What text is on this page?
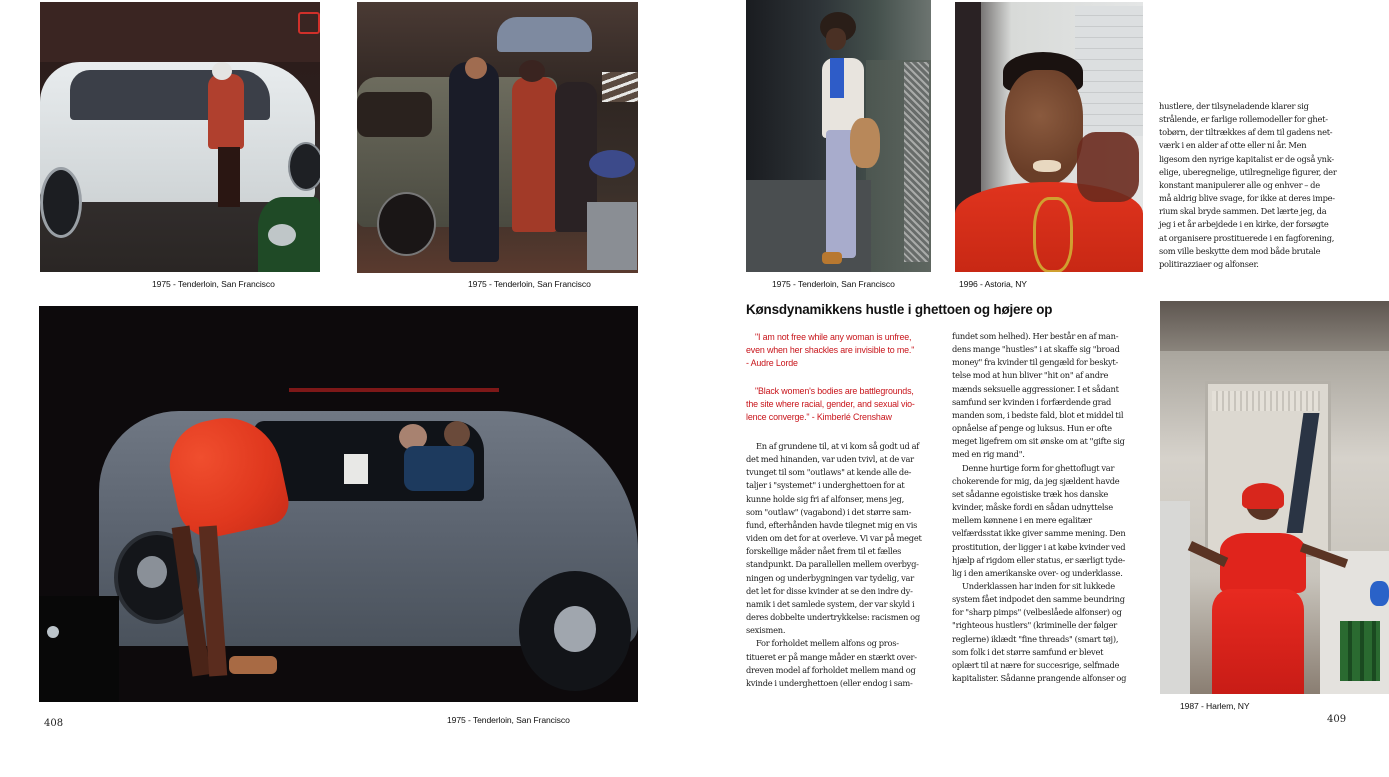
1975 - Tenderloin, San Francisco	1975 - Tenderloin, San Francisco
1975 - Tenderloin, San Francisco
408
1975 - Tenderloin, San Francisco	1996 - Astoria, NY
hustlere, der tilsyneladende klarer sig
strålende, er farlige rollemodeller for ghet-
tobørn, der tiltrækkes af dem til gadens net-
værk i en alder af otte eller ni år. Men
ligesom den nyrige kapitalist er de også ynk-
elige, uberegnelige, utilregnelige figurer, der
konstant manipulerer alle og enhver – de
må aldrig blive svage, for ikke at deres impe-
rium skal bryde sammen. Det lærte jeg, da
jeg i et år arbejdede i en kirke, der forsøgte
at organisere prostituerede i en fagforening,
som ville beskytte dem mod både brutale
politirazziaer og alfonser.
Kønsdynamikkens hustle i ghettoen og højere op

"I am not free while any woman is unfree,

even when her shackles are invisible to me."
- Audre Lorde

"Black women's bodies are battlegrounds,

the site where racial, gender, and sexual vio-
lence converge." - Kimberlé Crenshaw
En af grundene til, at vi kom så godt ud af
det med hinanden, var uden tvivl, at de var
tvunget til som "outlaws" at kende alle de-
taljer i "systemet" i underghettoen for at
kunne holde sig fri af alfonser, mens jeg,
som "outlaw" (vagabond) i det større sam-
fund, efterhånden havde tilegnet mig en vis
viden om det for at overleve. Vi var på meget
forskellige måder nået frem til et fælles
standpunkt. Da parallellen mellem overbyg-
ningen og underbygningen var tydelig, var
det let for disse kvinder at se den indre dy-
namik i det samlede system, der var skyld i
deres dobbelte undertrykkelse: racismen og
sexismen.
For forholdet mellem alfons og pros-
titueret er på mange måder en stærkt over-
dreven model af forholdet mellem mand og
kvinde i underghettoen (eller endog i sam-
fundet som helhed). Her består en af man-
dens mange "hustles" i at skaffe sig "broad
money" fra kvinder til gengæld for beskyt-
telse mod at hun bliver "hit on" af andre
mænds seksuelle aggressioner. I et sådant
samfund ser kvinden i forfærdende grad
manden som, i bedste fald, blot et middel til
opnåelse af penge og luksus. Hun er ofte
meget ligefrem om sit ønske om at "gifte sig
med en rig mand".
Denne hurtige form for ghettoflugt var
chokerende for mig, da jeg sjældent havde
set sådanne egoistiske træk hos danske
kvinder, måske fordi en sådan udnyttelse
mellem kønnene i en mere egalitær
velfærdsstat ikke giver samme mening. Den
prostitution, der ligger i at købe kvinder ved
hjælp af rigdom eller status, er særligt tyde-
lig i den amerikanske over- og underklasse.
Underklassen har inden for sit lukkede
system fået indpodet den samme beundring
for "sharp pimps" (velbeslåede alfonser) og
"righteous hustlers" (kriminelle der følger
reglerne) iklædt "fine threads" (smart tøj),
som folk i det større samfund er blevet
oplært til at nære for succesrige, selfmade
kapitalister. Sådanne prangende alfonser og
1987 - Harlem, NY
409
